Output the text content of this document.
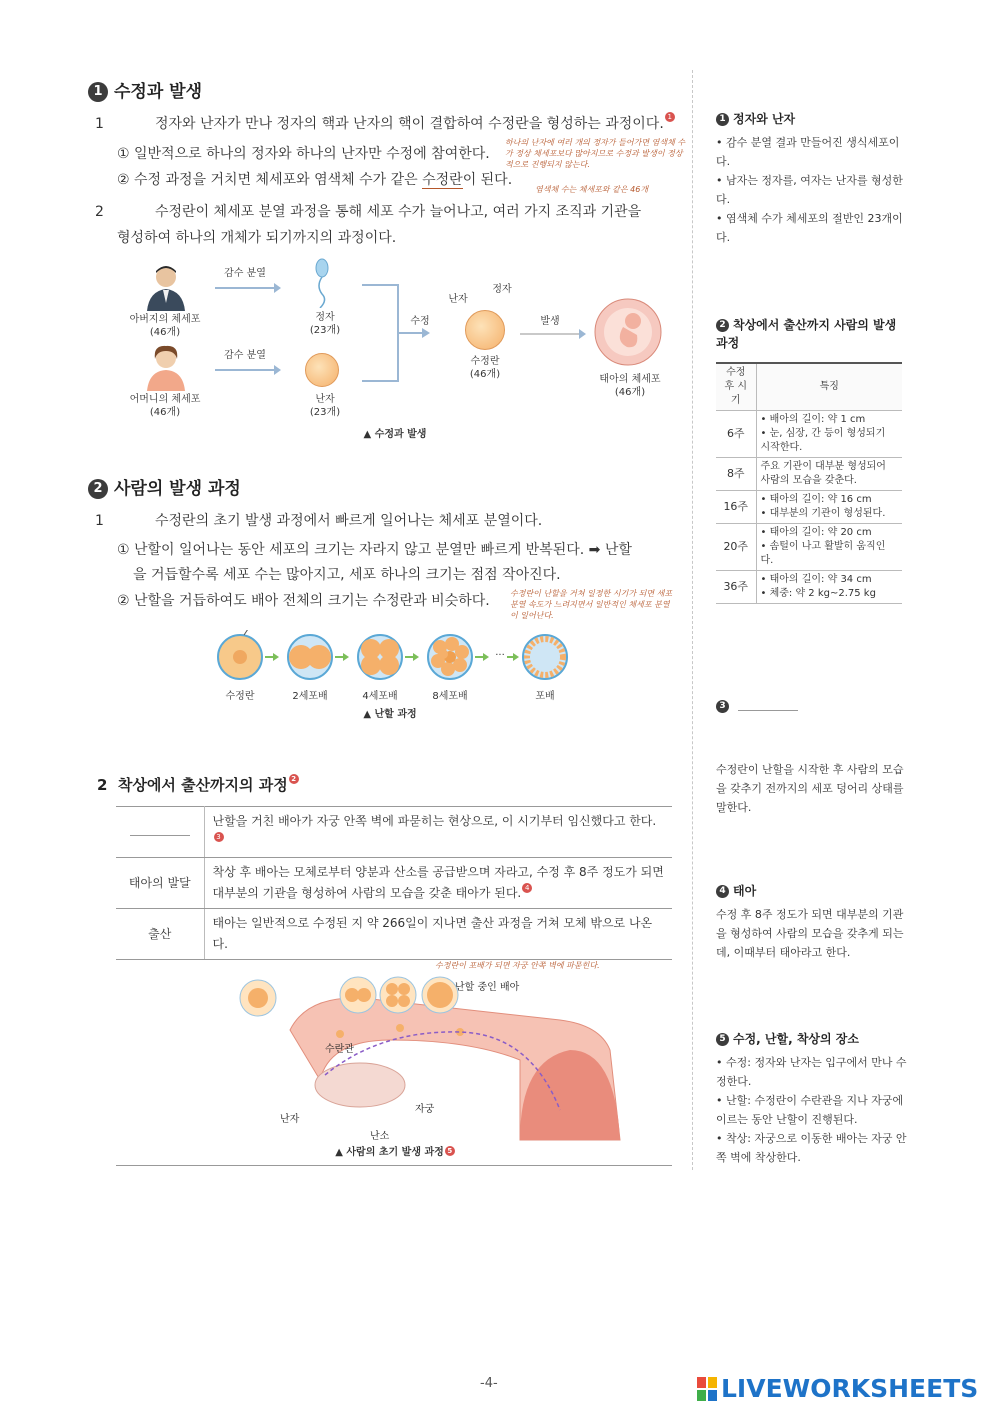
1 수정과 발생
1	정자와 난자가 만나 정자의 핵과 난자의 핵이 결합하여 수정란을 형성하는 과정이다. 1
① 일반적으로 하나의 정자와 하나의 난자만 수정에 참여한다.
하나의 난자에 여러 개의 정자가 들어가면 염색체 수가 정상 체세포보다 많아지므로 수정과 발생이 정상적으로 진행되지 않는다.
② 수정 과정을 거치면 체세포와 염색체 수가 같은 수정란이 된다.
염색체 수는 체세포와 같은 46개
2	수정란이 체세포 분열 과정을 통해 세포 수가 늘어나고, 여러 가지 조직과 기관을
형성하여 하나의 개체가 되기까지의 과정이다.
아버지의 체세포
(46개)
어머니의 체세포
(46개)
감수 분열
감수 분열
정자
(23개)
난자
(23개)
수정
난자
정자
수정란
(46개)
발생
태아의 체세포
(46개)
▲ 수정과 발생
2 사람의 발생 과정
1	수정란의 초기 발생 과정에서 빠르게 일어나는 체세포 분열이다.
① 난할이 일어나는 동안 세포의 크기는 자라지 않고 분열만 빠르게 반복된다. ➡ 난할
을 거듭할수록 세포 수는 많아지고, 세포 하나의 크기는 점점 작아진다.
② 난할을 거듭하여도 배아 전체의 크기는 수정란과 비슷하다.	수정란이 난할을 거쳐 일정한 시기가 되면 세포 분열 속도가 느려지면서 일반적인 체세포 분열이 일어난다.
···
수정란	2세포배	4세포배	8세포배	포배
▲ 난할 과정
2 착상에서 출산까지의 과정 2
	난할을 거친 배아가 자궁 안쪽 벽에 파묻히는 현상으로, 이 시기부터 임신했다고 한다.3
태아의 발달	착상 후 배아는 모체로부터 양분과 산소를 공급받으며 자라고, 수정 후 8주 정도가 되면 대부분의 기관을 형성하여 사람의 모습을 갖춘 태아가 된다. 4
출산	태아는 일반적으로 수정된 지 약 266일이 지나면 출산 과정을 거쳐 모체 밖으로 나온다.
수정란이 포배가 되면 자궁 안쪽 벽에 파묻힌다.
난할 중인 배아
수란관
난자
난소
자궁
▲ 사람의 초기 발생 과정 5
1 정자와 난자
• 감수 분열 결과 만들어진 생식세포이다.
• 남자는 정자를, 여자는 난자를 형성한다.
• 염색체 수가 체세포의 절반인 23개이다.
2 착상에서 출산까지 사람의 발생 과정
수정 후 시기	특징
6주	• 배아의 길이: 약 1 cm
• 눈, 심장, 간 등이 형성되기 시작한다.
8주	주요 기관이 대부분 형성되어 사람의 모습을 갖춘다.
16주	• 태아의 길이: 약 16 cm
• 대부분의 기관이 형성된다.
20주	• 태아의 길이: 약 20 cm
• 솜털이 나고 활발히 움직인다.
36주	• 태아의 길이: 약 34 cm
• 체중: 약 2 kg~2.75 kg
3
수정란이 난할을 시작한 후 사람의 모습을 갖추기 전까지의 세포 덩어리 상태를 말한다.
4 태아
수정 후 8주 정도가 되면 대부분의 기관을 형성하여 사람의 모습을 갖추게 되는데, 이때부터 태아라고 한다.
5 수정, 난할, 착상의 장소
• 수정: 정자와 난자는 입구에서 만나 수정한다.
• 난할: 수정란이 수란관을 지나 자궁에 이르는 동안 난할이 진행된다.
• 착상: 자궁으로 이동한 배아는 자궁 안쪽 벽에 착상한다.
-4-	LIVEWORKSHEETS
